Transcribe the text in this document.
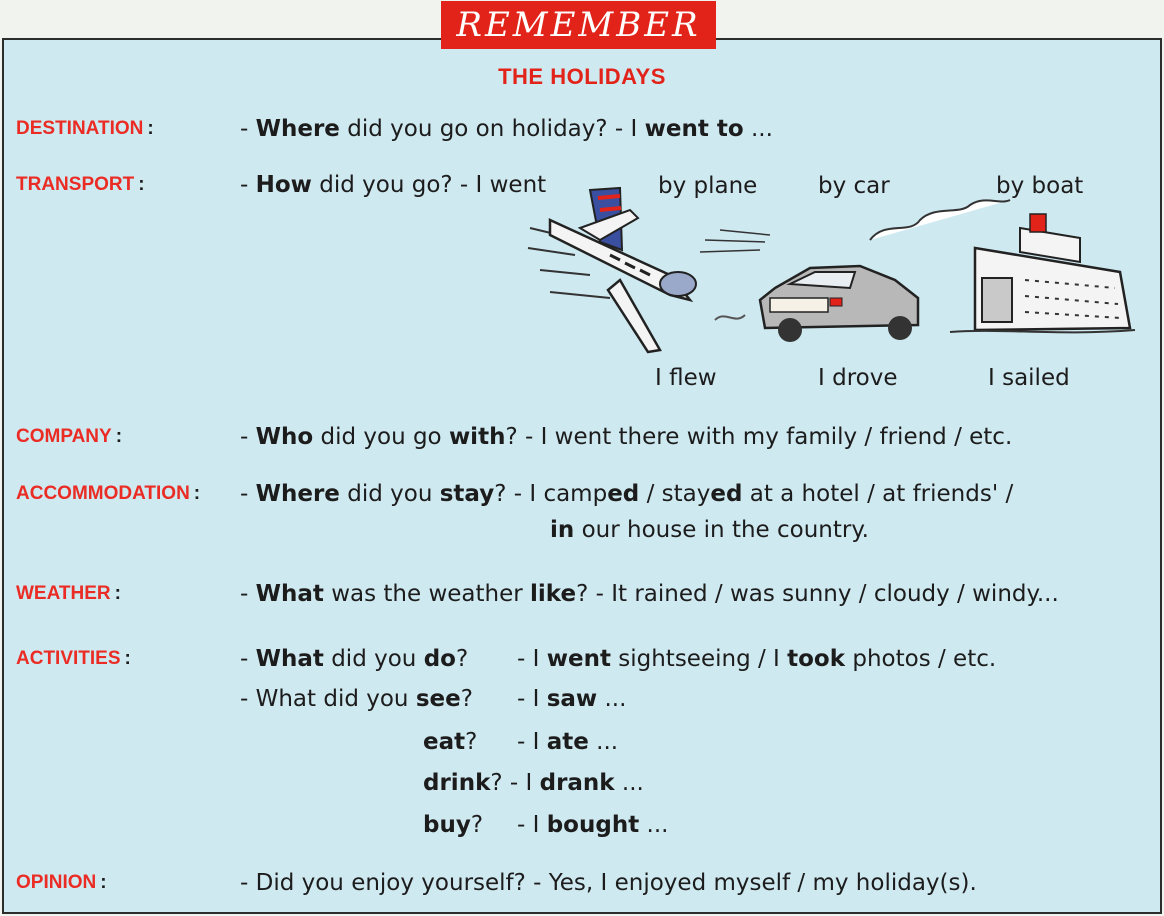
REMEMBER
THE HOLIDAYS
DESTINATION :	- Where did you go on holiday? - I went to ...
TRANSPORT :	- How did you go? - I went	by plane	by car	by boat
I flew	I drove	I sailed
COMPANY :	- Who did you go with? - I went there with my family / friend / etc.
ACCOMMODATION : - Where did you stay? - I camped / stayed at a hotel / at friends' /
in our house in the country.
WEATHER :	- What was the weather like? - It rained / was sunny / cloudy / windy...
ACTIVITIES :	- What did you do? - I went sightseeing / I took photos / etc.
- What did you see? - I saw ...
eat? - I ate ...
drink? - I drank ...
buy? - I bought ...
OPINION :	- Did you enjoy yourself? - Yes, I enjoyed myself / my holiday(s).
